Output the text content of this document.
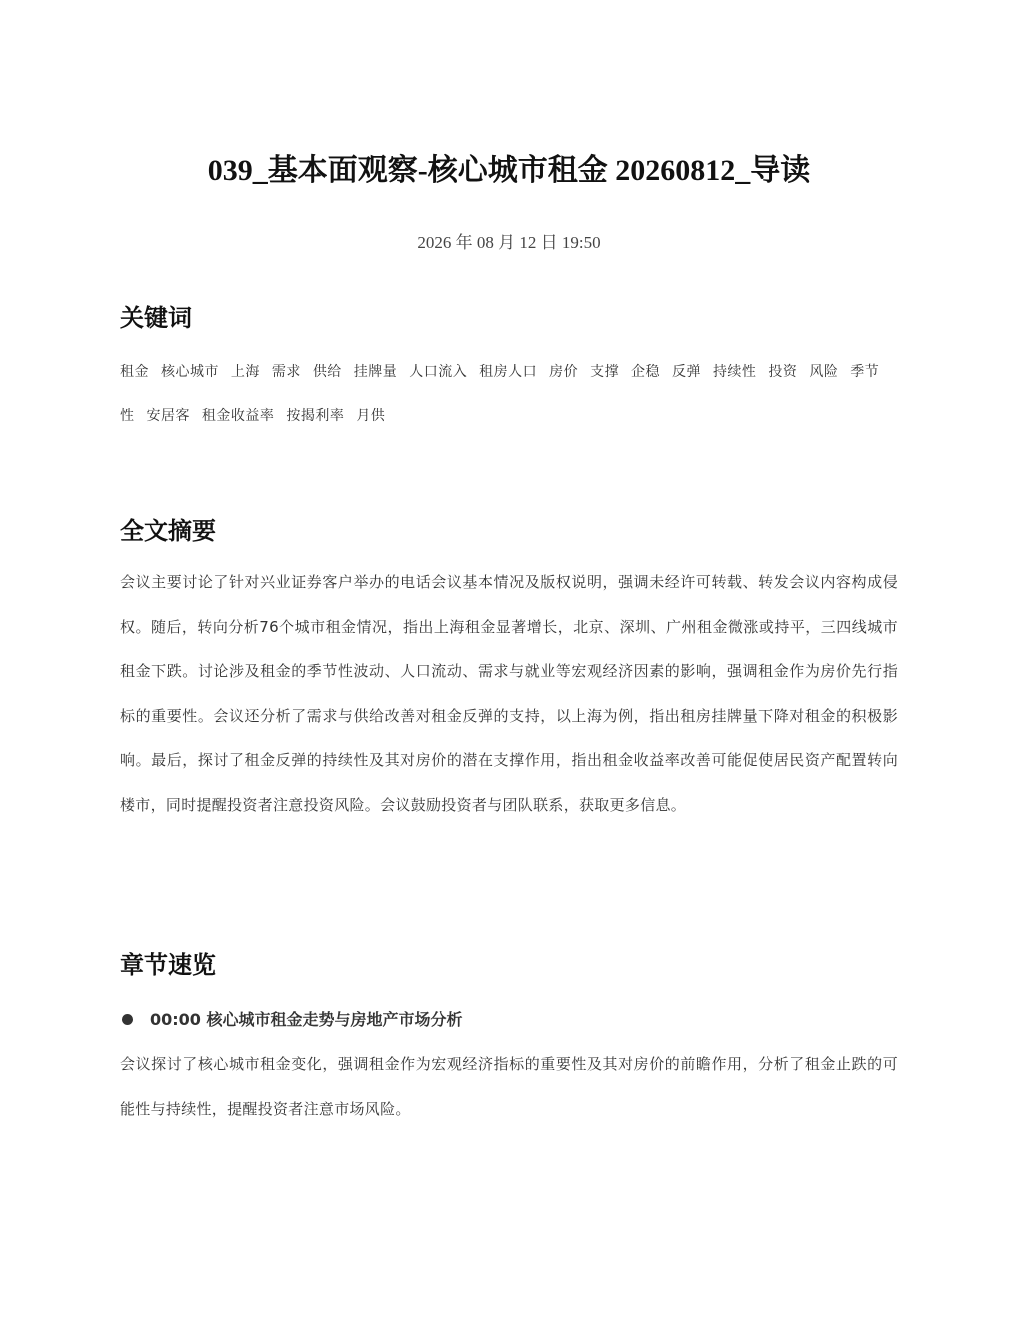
039_基本面观察-核心城市租金 20260812_导读
2026 年 08 月 12 日 19:50
关键词

租金 核心城市 上海 需求 供给 挂牌量 人口流入 租房人口 房价 支撑 企稳 反弹 持续性 投资 风险 季节性 安居客 租金收益率 按揭利率 月供

全文摘要

会议主要讨论了针对兴业证券客户举办的电话会议基本情况及版权说明，强调未经许可转载、转发会议内容构成侵权。随后，转向分析76个城市租金情况，指出上海租金显著增长，北京、深圳、广州租金微涨或持平，三四线城市租金下跌。讨论涉及租金的季节性波动、人口流动、需求与就业等宏观经济因素的影响，强调租金作为房价先行指标的重要性。会议还分析了需求与供给改善对租金反弹的支持，以上海为例，指出租房挂牌量下降对租金的积极影响。最后，探讨了租金反弹的持续性及其对房价的潜在支撑作用，指出租金收益率改善可能促使居民资产配置转向楼市，同时提醒投资者注意投资风险。会议鼓励投资者与团队联系，获取更多信息。

章节速览
00:00 核心城市租金走势与房地产市场分析

会议探讨了核心城市租金变化，强调租金作为宏观经济指标的重要性及其对房价的前瞻作用，分析了租金止跌的可能性与持续性，提醒投资者注意市场风险。
